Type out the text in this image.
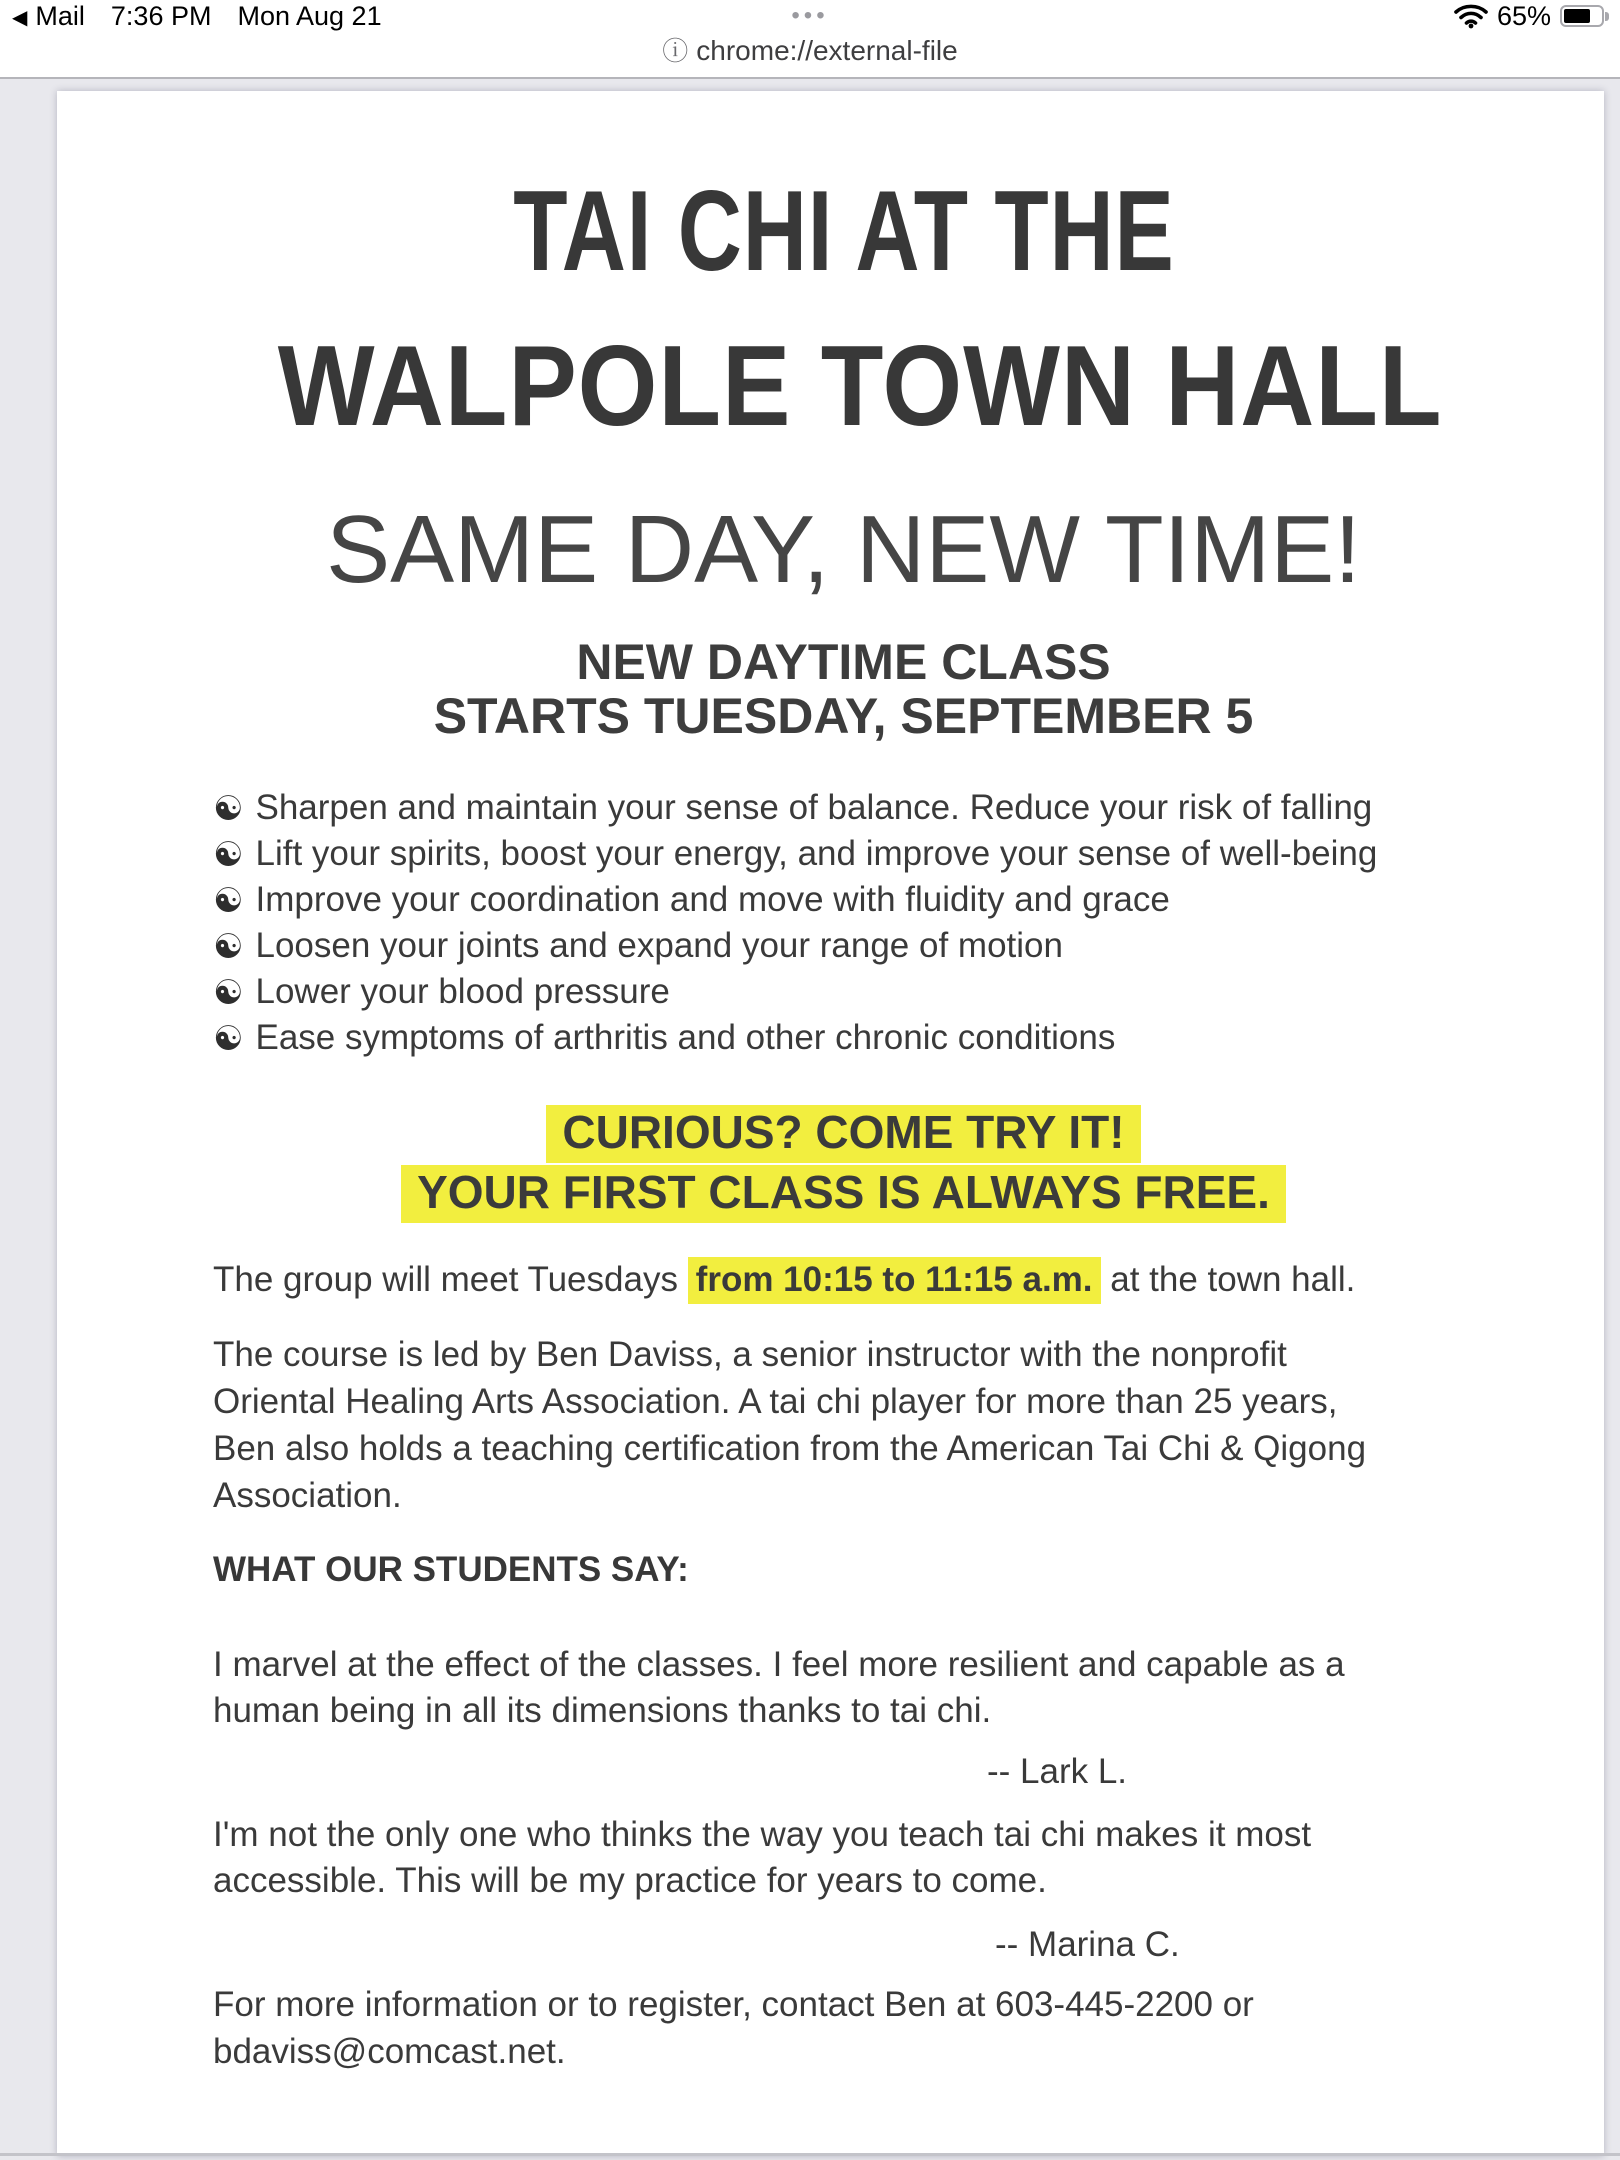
◀ Mail 7:36 PM Mon Aug 21	•••	65%
ⓘ chrome://external-file
TAI CHI AT THE
WALPOLE TOWN HALL
SAME DAY, NEW TIME!
NEW DAYTIME CLASS
STARTS TUESDAY, SEPTEMBER 5
☯ Sharpen and maintain your sense of balance. Reduce your risk of falling
☯ Lift your spirits, boost your energy, and improve your sense of well-being
☯ Improve your coordination and move with fluidity and grace
☯ Loosen your joints and expand your range of motion
☯ Lower your blood pressure
☯ Ease symptoms of arthritis and other chronic conditions
CURIOUS? COME TRY IT!
YOUR FIRST CLASS IS ALWAYS FREE.
The group will meet Tuesdays from 10:15 to 11:15 a.m. at the town hall.
The course is led by Ben Daviss, a senior instructor with the nonprofit
Oriental Healing Arts Association. A tai chi player for more than 25 years,
Ben also holds a teaching certification from the American Tai Chi & Qigong
Association.
WHAT OUR STUDENTS SAY:
I marvel at the effect of the classes. I feel more resilient and capable as a
human being in all its dimensions thanks to tai chi.
-- Lark L.
I'm not the only one who thinks the way you teach tai chi makes it most
accessible. This will be my practice for years to come.
-- Marina C.
For more information or to register, contact Ben at 603-445-2200 or
bdaviss@comcast.net.
